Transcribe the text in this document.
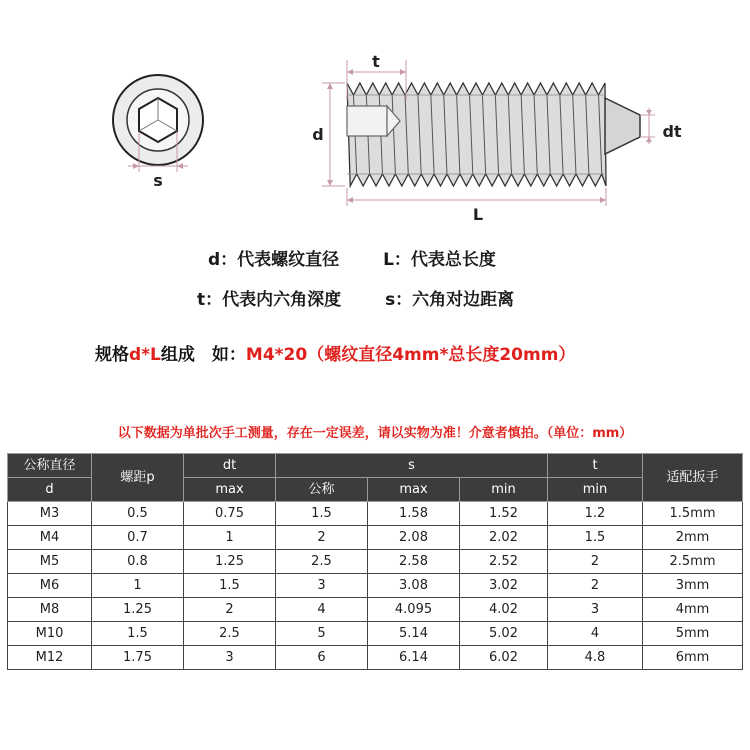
s
t
d	dt
L
d：代表螺纹直径	L：代表总长度
t：代表内六角深度	s：六角对边距离
规格d*L组成　如：M4*20（螺纹直径4mm*总长度20mm）
以下数据为单批次手工测量，存在一定误差，请以实物为准！介意者慎拍。（单位：mm）
公称直径	螺距p	dt	s			t	适配扳手
d		max	公称	max	min	min	
M3	0.5	0.75	1.5	1.58	1.52	1.2	1.5mm
M4	0.7	1	2	2.08	2.02	1.5	2mm
M5	0.8	1.25	2.5	2.58	2.52	2	2.5mm
M6	1	1.5	3	3.08	3.02	2	3mm
M8	1.25	2	4	4.095	4.02	3	4mm
M10	1.5	2.5	5	5.14	5.02	4	5mm
M12	1.75	3	6	6.14	6.02	4.8	6mm
